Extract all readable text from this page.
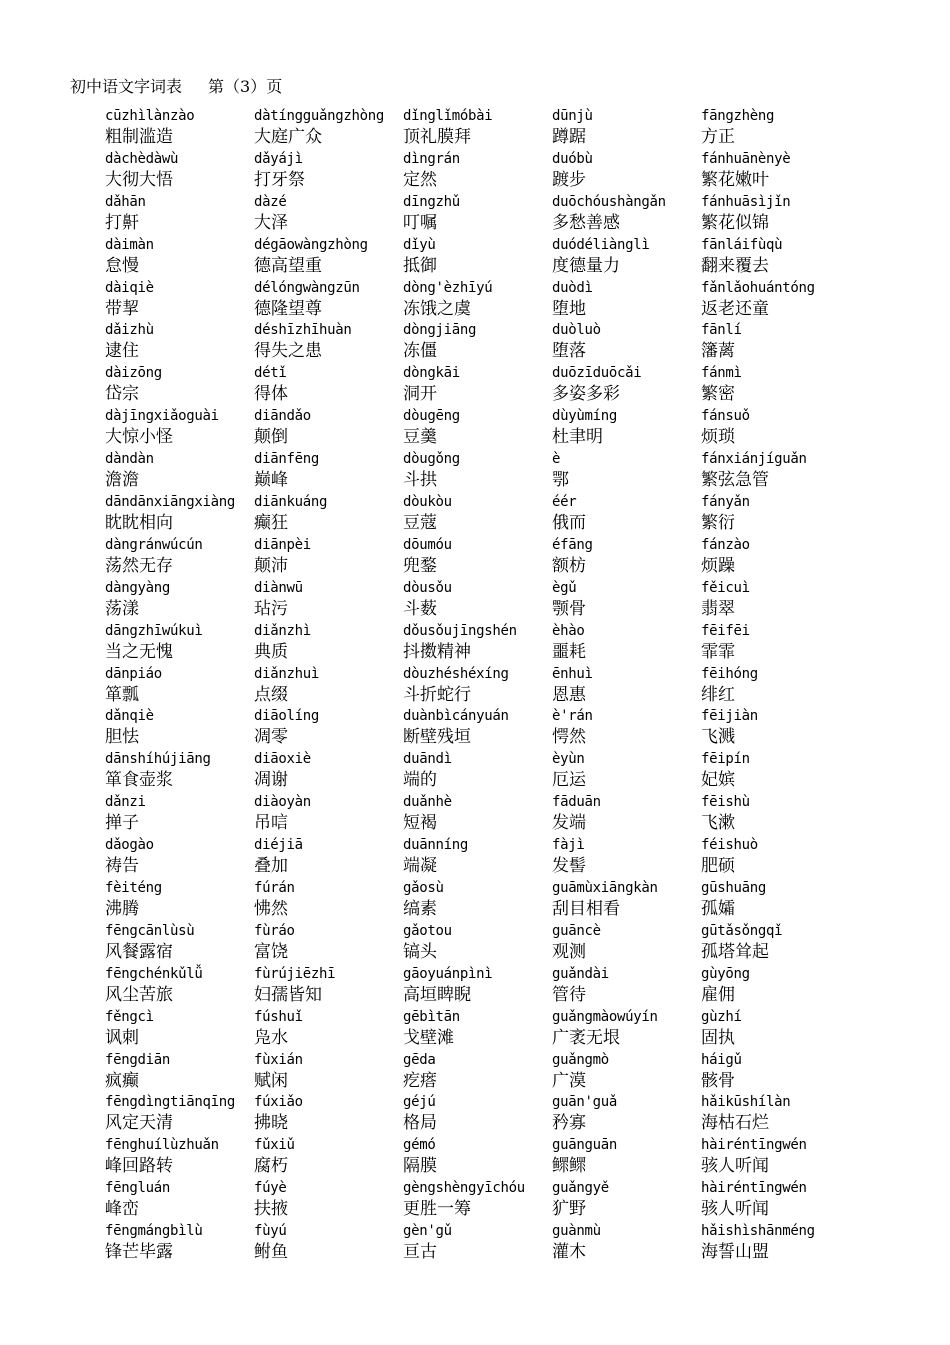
初中语文字词表 第（3）页
cūzhìlànzào
粗制滥造
dàtíngguǎngzhòng
大庭广众
dǐnglǐmóbài
顶礼膜拜
dūnjù
蹲踞
fāngzhèng
方正
dàchèdàwù
大彻大悟
dǎyájì
打牙祭
dìngrán
定然
duóbù
踱步
fánhuānènyè
繁花嫩叶
dǎhān
打鼾
dàzé
大泽
dīngzhǔ
叮嘱
duōchóushàngǎn
多愁善感
fánhuāsìjǐn
繁花似锦
dàimàn
怠慢
dégāowàngzhòng
德高望重
dǐyù
抵御
duódéliànglì
度德量力
fānláifùqù
翻来覆去
dàiqiè
带挈
délóngwàngzūn
德隆望尊
dòng'èzhīyú
冻饿之虞
duòdì
堕地
fǎnlǎohuántóng
返老还童
dǎizhù
逮住
déshīzhīhuàn
得失之患
dòngjiāng
冻僵
duòluò
堕落
fānlí
籓蓠
dàizōng
岱宗
détǐ
得体
dòngkāi
洞开
duōzīduōcǎi
多姿多彩
fánmì
繁密
dàjīngxiǎoguài
大惊小怪
diāndǎo
颠倒
dòugēng
豆羹
dùyùmíng
杜聿明
fánsuǒ
烦琐
dàndàn
澹澹
diānfēng
巅峰
dòugǒng
斗拱
è
鄂
fánxiánjíguǎn
繁弦急管
dāndānxiāngxiàng
眈眈相向
diānkuáng
癫狂
dòukòu
豆蔻
éér
俄而
fányǎn
繁衍
dàngránwúcún
荡然无存
diānpèi
颠沛
dōumóu
兜鍪
éfāng
额枋
fánzào
烦躁
dàngyàng
荡漾
diànwū
玷污
dòusǒu
斗薮
ègǔ
颚骨
fěicuì
翡翠
dāngzhīwúkuì
当之无愧
diǎnzhì
典质
dǒusǒujīngshén
抖擞精神
èhào
噩耗
fēifēi
霏霏
dānpiáo
箪瓢
diǎnzhuì
点缀
dòuzhéshéxíng
斗折蛇行
ēnhuì
恩惠
fēihóng
绯红
dǎnqiè
胆怯
diāolíng
凋零
duànbìcányuán
断壁残垣
è'rán
愕然
fēijiàn
飞溅
dānshíhújiāng
箪食壶浆
diāoxiè
凋谢
duāndì
端的
èyùn
厄运
fēipín
妃嫔
dǎnzi
掸子
diàoyàn
吊唁
duǎnhè
短褐
fāduān
发端
fēishù
飞漱
dǎogào
祷告
diéjiā
叠加
duānníng
端凝
fàjì
发髻
féishuò
肥硕
fèiténg
沸腾
fúrán
怫然
gǎosù
缟素
guāmùxiāngkàn
刮目相看
gūshuāng
孤孀
fēngcānlùsù
风餐露宿
fùráo
富饶
gǎotou
镐头
guāncè
观测
gūtǎsǒngqǐ
孤塔耸起
fēngchénkǔlǚ
风尘苦旅
fùrújiēzhī
妇孺皆知
gāoyuánpìnì
高垣睥睨
guǎndài
管待
gùyōng
雇佣
fěngcì
讽刺
fúshuǐ
凫水
gēbìtān
戈壁滩
guǎngmàowúyín
广袤无垠
gùzhí
固执
fēngdiān
疯癫
fùxián
赋闲
gēda
疙瘩
guǎngmò
广漠
háigǔ
骸骨
fēngdìngtiānqīng
风定天清
fúxiǎo
拂晓
géjú
格局
guān'guǎ
矜寡
hǎikūshílàn
海枯石烂
fēnghuílùzhuǎn
峰回路转
fǔxiǔ
腐朽
gémó
隔膜
guānguān
鳏鳏
hàiréntīngwén
骇人听闻
fēngluán
峰峦
fúyè
扶掖
gèngshèngyīchóu
更胜一筹
guǎngyě
犷野
hàiréntīngwén
骇人听闻
fēngmángbìlù
锋芒毕露
fùyú
鲋鱼
gèn'gǔ
亘古
guànmù
灌木
hǎishìshānméng
海誓山盟
